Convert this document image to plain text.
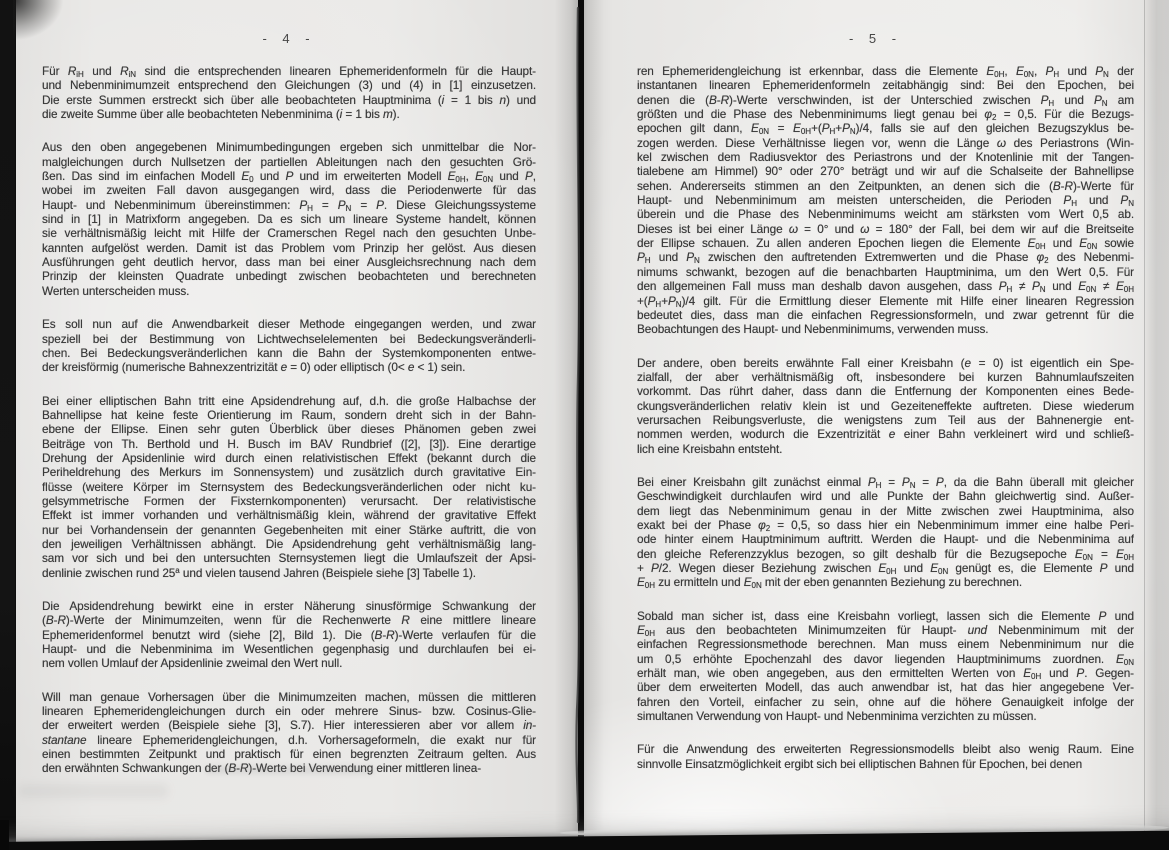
- 4 -
Für $R_{iH}$ und $R_{iN}$ sind die entsprechenden linearen Ephemeridenformeln für die Haupt-
und Nebenminimumzeit entsprechend den Gleichungen (3) und (4) in [1] einzusetzen.
Die erste Summen erstreckt sich über alle beobachteten Hauptminima (i = 1 bis n) und
die zweite Summe über alle beobachteten Nebenminima (i = 1 bis m).
Aus den oben angegebenen Minimumbedingungen ergeben sich unmittelbar die Nor-
malgleichungen durch Nullsetzen der partiellen Ableitungen nach den gesuchten Grö-
ßen. Das sind im einfachen Modell $E_0$ und P und im erweiterten Modell $E_{0H}$, $E_{0N}$ und P,
wobei im zweiten Fall davon ausgegangen wird, dass die Periodenwerte für das
Haupt- und Nebenminimum übereinstimmen: $P_H = P_N = P$. Diese Gleichungssysteme
sind in [1] in Matrixform angegeben. Da es sich um lineare Systeme handelt, können
sie verhältnismäßig leicht mit Hilfe der Cramerschen Regel nach den gesuchten Unbe-
kannten aufgelöst werden. Damit ist das Problem vom Prinzip her gelöst. Aus diesen
Ausführungen geht deutlich hervor, dass man bei einer Ausgleichsrechnung nach dem
Prinzip der kleinsten Quadrate unbedingt zwischen beobachteten und berechneten
Werten unterscheiden muss.
Es soll nun auf die Anwendbarkeit dieser Methode eingegangen werden, und zwar
speziell bei der Bestimmung von Lichtwechselelementen bei Bedeckungsveränderli-
chen. Bei Bedeckungsveränderlichen kann die Bahn der Systemkomponenten entwe-
der kreisförmig (numerische Bahnexzentrizität e = 0) oder elliptisch (0< e < 1) sein.
Bei einer elliptischen Bahn tritt eine Apsidendrehung auf, d.h. die große Halbachse der
Bahnellipse hat keine feste Orientierung im Raum, sondern dreht sich in der Bahn-
ebene der Ellipse. Einen sehr guten Überblick über dieses Phänomen geben zwei
Beiträge von Th. Berthold und H. Busch im BAV Rundbrief ([2], [3]). Eine derartige
Drehung der Apsidenlinie wird durch einen relativistischen Effekt (bekannt durch die
Periheldrehung des Merkurs im Sonnensystem) und zusätzlich durch gravitative Ein-
flüsse (weitere Körper im Sternsystem des Bedeckungsveränderlichen oder nicht ku-
gelsymmetrische Formen der Fixsternkomponenten) verursacht. Der relativistische
Effekt ist immer vorhanden und verhältnismäßig klein, während der gravitative Effekt
nur bei Vorhandensein der genannten Gegebenheiten mit einer Stärke auftritt, die von
den jeweiligen Verhältnissen abhängt. Die Apsidendrehung geht verhältnismäßig lang-
sam vor sich und bei den untersuchten Sternsystemen liegt die Umlaufszeit der Apsi-
denlinie zwischen rund 25$^a$ und vielen tausend Jahren (Beispiele siehe [3] Tabelle 1).
Die Apsidendrehung bewirkt eine in erster Näherung sinusförmige Schwankung der
(B-R)-Werte der Minimumzeiten, wenn für die Rechenwerte R eine mittlere lineare
Ephemeridenformel benutzt wird (siehe [2], Bild 1). Die (B-R)-Werte verlaufen für die
Haupt- und die Nebenminima im Wesentlichen gegenphasig und durchlaufen bei ei-
nem vollen Umlauf der Apsidenlinie zweimal den Wert null.
Will man genaue Vorhersagen über die Minimumzeiten machen, müssen die mittleren
linearen Ephemeridengleichungen durch ein oder mehrere Sinus- bzw. Cosinus-Glie-
der erweitert werden (Beispiele siehe [3], S.7). Hier interessieren aber vor allem in-
stantane lineare Ephemeridengleichungen, d.h. Vorhersageformeln, die exakt nur für
einen bestimmten Zeitpunkt und praktisch für einen begrenzten Zeitraum gelten. Aus
den erwähnten Schwankungen der (B-R)-Werte bei Verwendung einer mittleren linea-
- 5 -
ren Ephemeridengleichung ist erkennbar, dass die Elemente $E_{0H}$, $E_{0N}$, $P_H$ und $P_N$ der
instantanen linearen Ephemeridenformeln zeitabhängig sind: Bei den Epochen, bei
denen die (B-R)-Werte verschwinden, ist der Unterschied zwischen $P_H$ und $P_N$ am
größten und die Phase des Nebenminimums liegt genau bei $\varphi_2 = 0,5$. Für die Bezugs-
epochen gilt dann, $E_{0N} = E_{0H}+(P_H+P_N)/4$, falls sie auf den gleichen Bezugszyklus be-
zogen werden. Diese Verhältnisse liegen vor, wenn die Länge ω des Periastrons (Win-
kel zwischen dem Radiusvektor des Periastrons und der Knotenlinie mit der Tangen-
tialebene am Himmel) 90° oder 270° beträgt und wir auf die Schalseite der Bahnellipse
sehen. Andererseits stimmen an den Zeitpunkten, an denen sich die (B-R)-Werte für
Haupt- und Nebenminimum am meisten unterscheiden, die Perioden $P_H$ und $P_N$
überein und die Phase des Nebenminimums weicht am stärksten vom Wert 0,5 ab.
Dieses ist bei einer Länge ω = 0° und ω = 180° der Fall, bei dem wir auf die Breitseite
der Ellipse schauen. Zu allen anderen Epochen liegen die Elemente $E_{0H}$ und $E_{0N}$ sowie
$P_H$ und $P_N$ zwischen den auftretenden Extremwerten und die Phase $\varphi_2$ des Nebenmi-
nimums schwankt, bezogen auf die benachbarten Hauptminima, um den Wert 0,5. Für
den allgemeinen Fall muss man deshalb davon ausgehen, dass $P_H \ne P_N$ und $E_{0N} \ne E_{0H}$
$+(P_H+P_N)/4$ gilt. Für die Ermittlung dieser Elemente mit Hilfe einer linearen Regression
bedeutet dies, dass man die einfachen Regressionsformeln, und zwar getrennt für die
Beobachtungen des Haupt- und Nebenminimums, verwenden muss.
Der andere, oben bereits erwähnte Fall einer Kreisbahn (e = 0) ist eigentlich ein Spe-
zialfall, der aber verhältnismäßig oft, insbesondere bei kurzen Bahnumlaufszeiten
vorkommt. Das rührt daher, dass dann die Entfernung der Komponenten eines Bede-
ckungsveränderlichen relativ klein ist und Gezeiteneffekte auftreten. Diese wiederum
verursachen Reibungsverluste, die wenigstens zum Teil aus der Bahnenergie ent-
nommen werden, wodurch die Exzentrizität e einer Bahn verkleinert wird und schließ-
lich eine Kreisbahn entsteht.
Bei einer Kreisbahn gilt zunächst einmal $P_H = P_N = P$, da die Bahn überall mit gleicher
Geschwindigkeit durchlaufen wird und alle Punkte der Bahn gleichwertig sind. Außer-
dem liegt das Nebenminimum genau in der Mitte zwischen zwei Hauptminima, also
exakt bei der Phase $\varphi_2 = 0,5$, so dass hier ein Nebenminimum immer eine halbe Peri-
ode hinter einem Hauptminimum auftritt. Werden die Haupt- und die Nebenminima auf
den gleiche Referenzzyklus bezogen, so gilt deshalb für die Bezugsepoche $E_{0N} = E_{0H}$
+ P/2. Wegen dieser Beziehung zwischen $E_{0H}$ und $E_{0N}$ genügt es, die Elemente P und
$E_{0H}$ zu ermitteln und $E_{0N}$ mit der eben genannten Beziehung zu berechnen.
Sobald man sicher ist, dass eine Kreisbahn vorliegt, lassen sich die Elemente P und
$E_{0H}$ aus den beobachteten Minimumzeiten für Haupt- und Nebenminimum mit der
einfachen Regressionsmethode berechnen. Man muss einem Nebenminimum nur die
um 0,5 erhöhte Epochenzahl des davor liegenden Hauptminimums zuordnen. $E_{0N}$
erhält man, wie oben angegeben, aus den ermittelten Werten von $E_{0H}$ und P. Gegen-
über dem erweiterten Modell, das auch anwendbar ist, hat das hier angegebene Ver-
fahren den Vorteil, einfacher zu sein, ohne auf die höhere Genauigkeit infolge der
simultanen Verwendung von Haupt- und Nebenminima verzichten zu müssen.
Für die Anwendung des erweiterten Regressionsmodells bleibt also wenig Raum. Eine
sinnvolle Einsatzmöglichkeit ergibt sich bei elliptischen Bahnen für Epochen, bei denen
